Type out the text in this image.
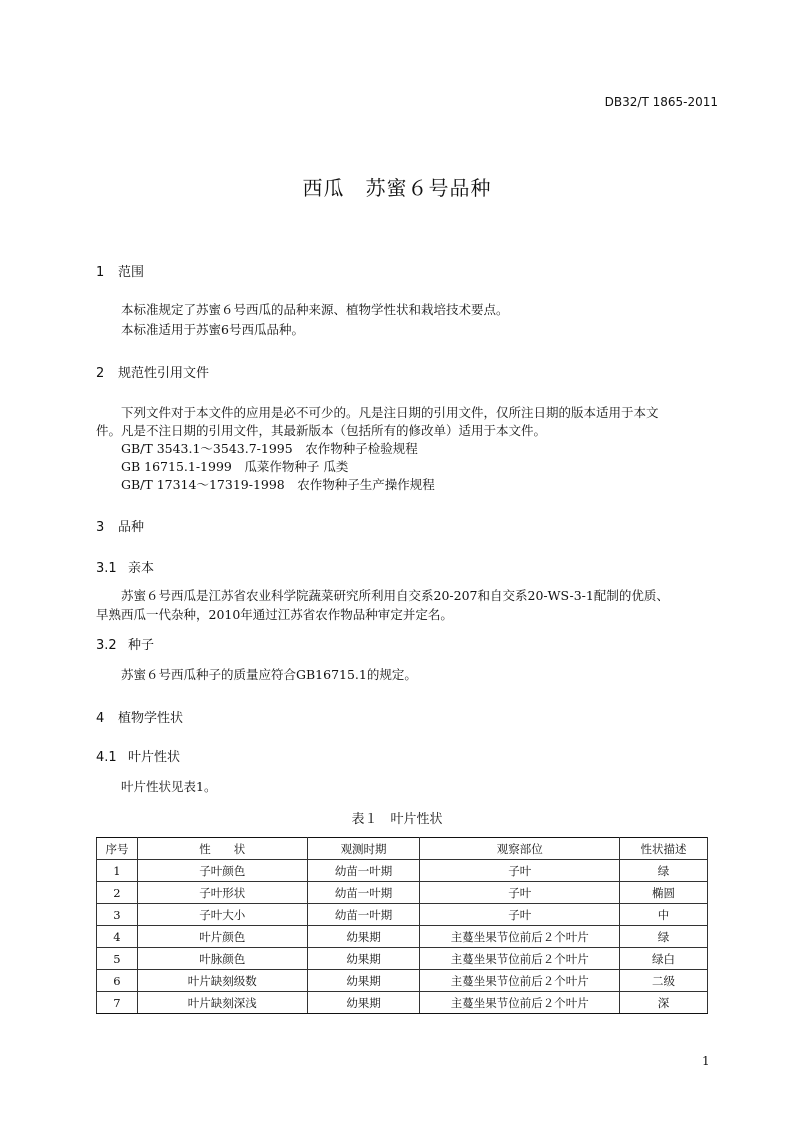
DB32/T 1865-2011
西瓜　苏蜜６号品种
1 范围
本标准规定了苏蜜６号西瓜的品种来源、植物学性状和栽培技术要点。
本标准适用于苏蜜6号西瓜品种。
2 规范性引用文件
下列文件对于本文件的应用是必不可少的。凡是注日期的引用文件，仅所注日期的版本适用于本文
件。凡是不注日期的引用文件，其最新版本（包括所有的修改单）适用于本文件。
GB/T 3543.1～3543.7-1995　农作物种子检验规程
GB 16715.1-1999　瓜菜作物种子 瓜类
GB/T 17314～17319-1998　农作物种子生产操作规程
3 品种
3.1 亲本
苏蜜６号西瓜是江苏省农业科学院蔬菜研究所利用自交系20-207和自交系20-WS-3-1配制的优质、
早熟西瓜一代杂种，2010年通过江苏省农作物品种审定并定名。
3.2 种子
苏蜜６号西瓜种子的质量应符合GB16715.1的规定。
4 植物学性状
4.1 叶片性状
叶片性状见表1。
表１　叶片性状
序号	性　　状	观测时期	观察部位	性状描述
1	子叶颜色	幼苗一叶期	子叶	绿
2	子叶形状	幼苗一叶期	子叶	椭圆
3	子叶大小	幼苗一叶期	子叶	中
4	叶片颜色	幼果期	主蔓坐果节位前后２个叶片	绿
5	叶脉颜色	幼果期	主蔓坐果节位前后２个叶片	绿白
6	叶片缺刻级数	幼果期	主蔓坐果节位前后２个叶片	二级
7	叶片缺刻深浅	幼果期	主蔓坐果节位前后２个叶片	深
1
